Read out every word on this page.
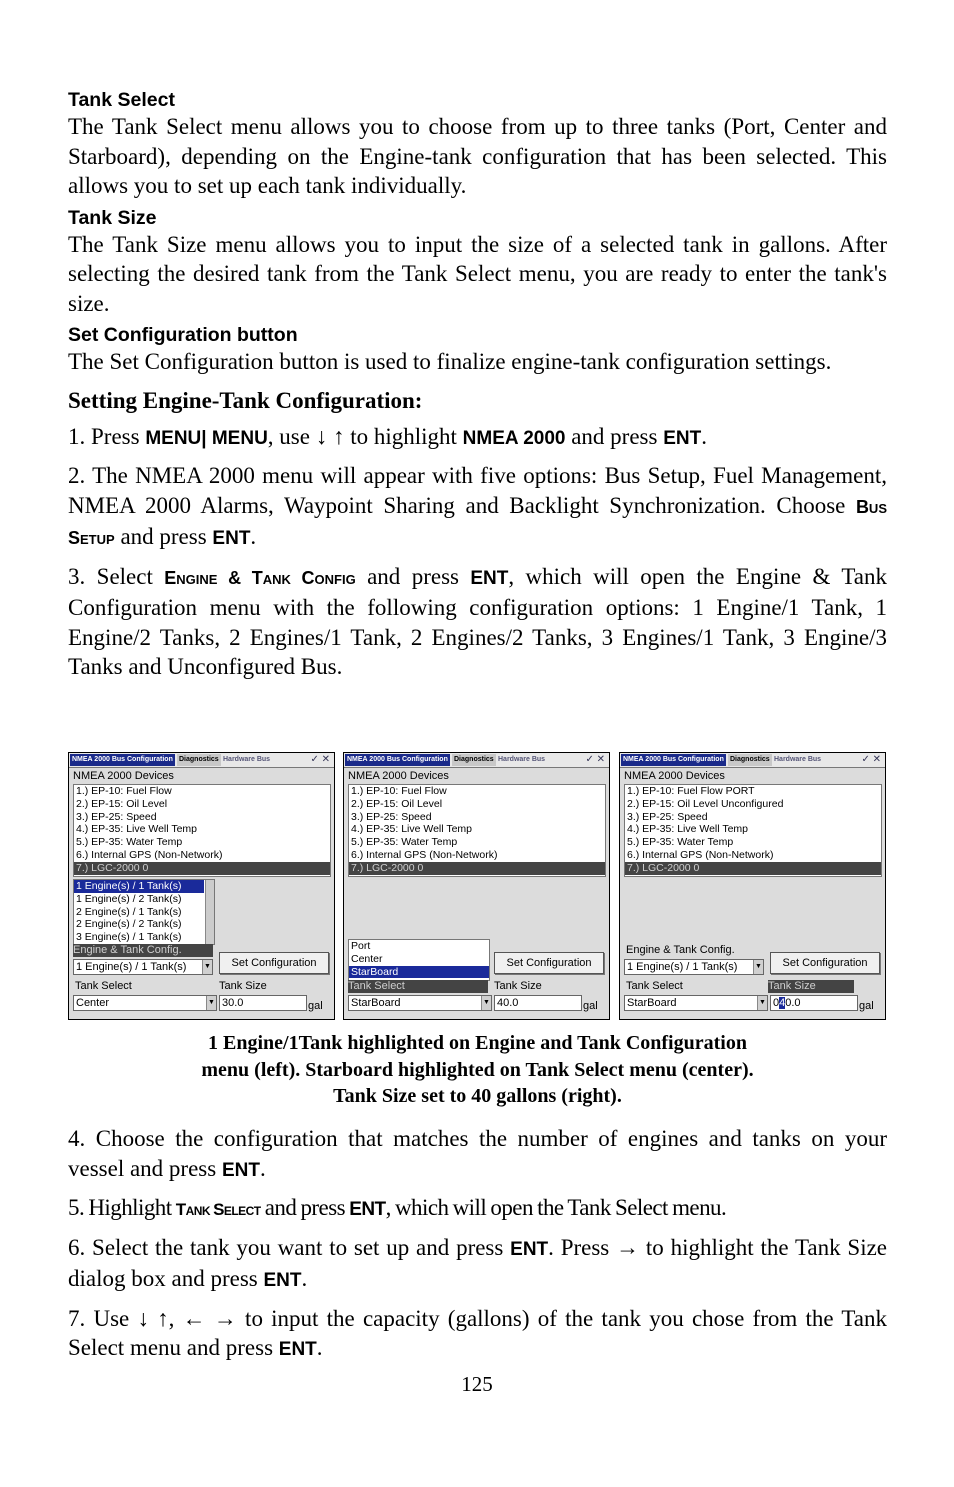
Tank Select

The Tank Select menu allows you to choose from up to three tanks (Port, Center and Starboard), depending on the Engine-tank configuration that has been selected. This allows you to set up each tank individually.

Tank Size

The Tank Size menu allows you to input the size of a selected tank in gallons. After selecting the desired tank from the Tank Select menu, you are ready to enter the tank's size.

Set Configuration button

The Set Configuration button is used to finalize engine-tank configuration settings.

Setting Engine-Tank Configuration:

1. Press MENU| MENU, use ↓ ↑ to highlight NMEA 2000 and press ENT.

2. The NMEA 2000 menu will appear with five options: Bus Setup, Fuel Management, NMEA 2000 Alarms, Waypoint Sharing and Backlight Synchronization. Choose Bus Setup and press ENT.

3. Select Engine & Tank Config and press ENT, which will open the Engine & Tank Configuration menu with the following configuration options: 1 Engine/1 Tank, 1 Engine/2 Tanks, 2 Engines/1 Tank, 2 Engines/2 Tanks, 3 Engines/1 Tank, 3 Engine/3 Tanks and Unconfigured Bus.

NMEA 2000 Bus Configuration Diagnostics Hardware Bus	✓ ✕
NMEA 2000 Devices
1.) EP-10: Fuel Flow
2.) EP-15: Oil Level
3.) EP-25: Speed
4.) EP-35: Live Well Temp
5.) EP-35: Water Temp
6.) Internal GPS (Non-Network)
7.) LGC-2000 0
1 Engine(s) / 1 Tank(s)
1 Engine(s) / 2 Tank(s)
2 Engine(s) / 1 Tank(s)
2 Engine(s) / 2 Tank(s)
3 Engine(s) / 1 Tank(s)
Engine & Tank Config.
1 Engine(s) / 1 Tank(s)	▼	Set Configuration
Tank Select	Tank Size
Center	▼ 30.0	gal
NMEA 2000 Bus Configuration Diagnostics Hardware Bus	✓ ✕
NMEA 2000 Devices
1.) EP-10: Fuel Flow
2.) EP-15: Oil Level
3.) EP-25: Speed
4.) EP-35: Live Well Temp
5.) EP-35: Water Temp
6.) Internal GPS (Non-Network)
7.) LGC-2000 0
Port
Center
StarBoard
Set Configuration
Tank Select	Tank Size
StarBoard	▼ 40.0	gal
NMEA 2000 Bus Configuration Diagnostics Hardware Bus	✓ ✕
NMEA 2000 Devices
1.) EP-10: Fuel Flow PORT
2.) EP-15: Oil Level Unconfigured
3.) EP-25: Speed
4.) EP-35: Live Well Temp
5.) EP-35: Water Temp
6.) Internal GPS (Non-Network)
7.) LGC-2000 0
Engine & Tank Config.
1 Engine(s) / 1 Tank(s)	▼	Set Configuration
Tank Select	Tank Size
StarBoard	▼ 040.0	gal
1 Engine/1Tank highlighted on Engine and Tank Configuration
menu (left). Starboard highlighted on Tank Select menu (center).
Tank Size set to 40 gallons (right).

4. Choose the configuration that matches the number of engines and tanks on your vessel and press ENT.

5. Highlight Tank Select and press ENT, which will open the Tank Select menu.

6. Select the tank you want to set up and press ENT. Press → to highlight the Tank Size dialog box and press ENT.

7. Use ↓ ↑, ← → to input the capacity (gallons) of the tank you chose from the Tank Select menu and press ENT.

125
